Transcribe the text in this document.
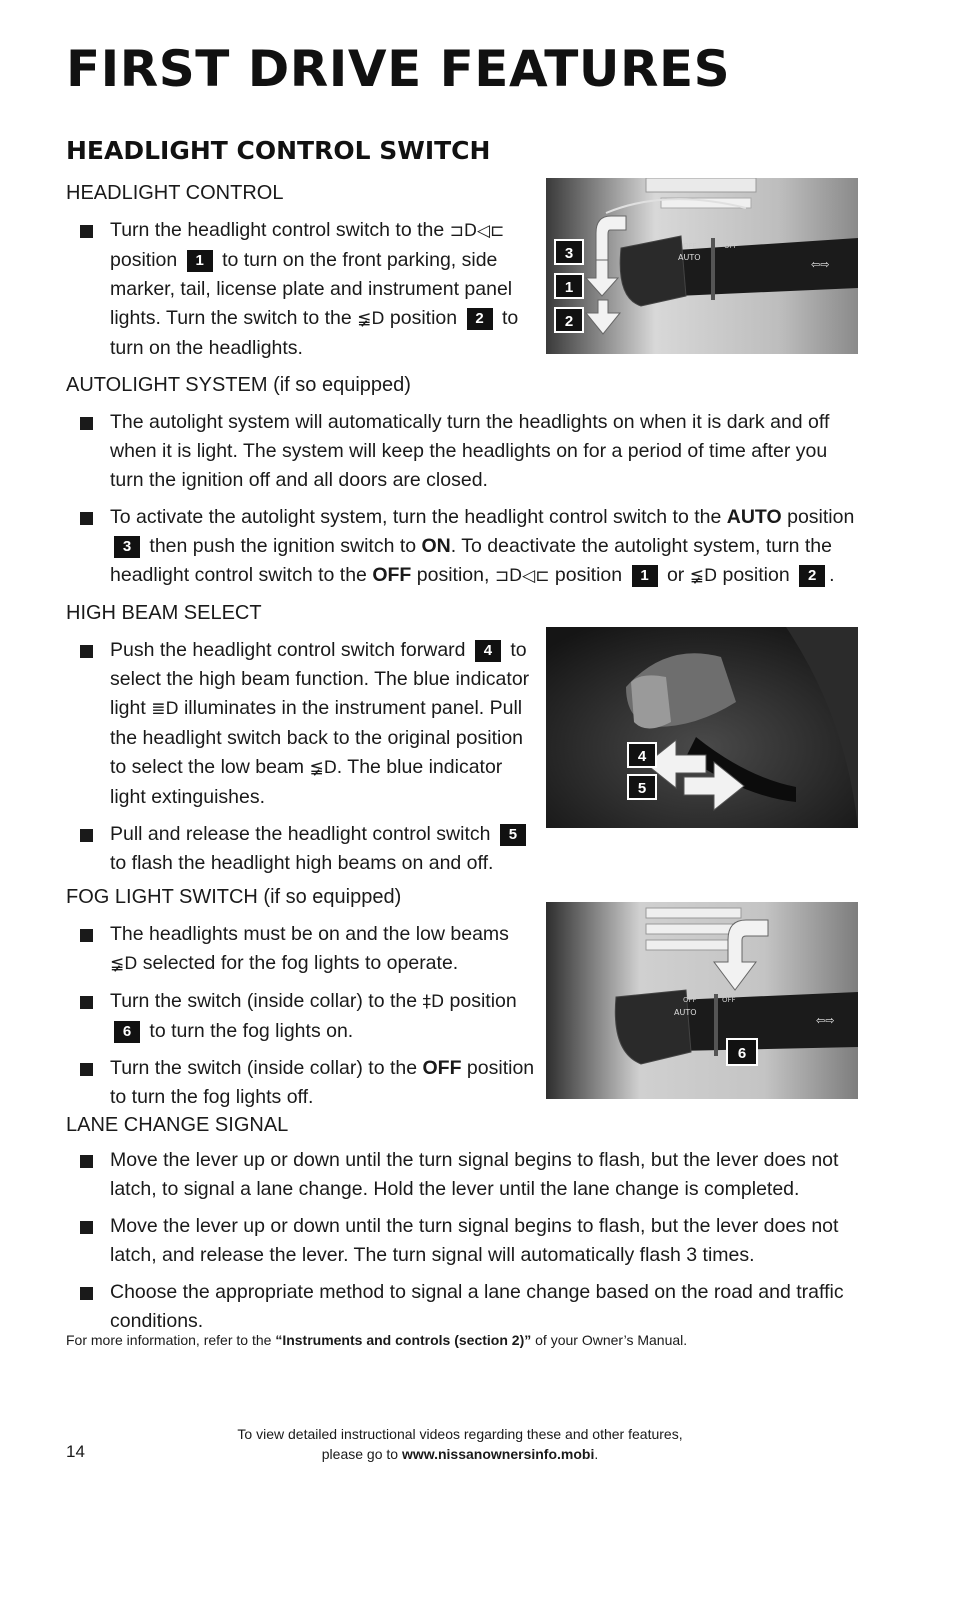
FIRST DRIVE FEATURES
HEADLIGHT CONTROL SWITCH
HEADLIGHT CONTROL
Turn the headlight control switch to the ⊐D◁⊏ position 1 to turn on the front parking, side marker, tail, license plate and instrument panel lights. Turn the switch to the ≨D position 2 to turn on the headlights.
OFF	OFF
AUTO
⇦⇨
3
1
2
AUTOLIGHT SYSTEM (if so equipped)
The autolight system will automatically turn the headlights on when it is dark and off when it is light. The system will keep the headlights on for a period of time after you turn the ignition off and all doors are closed.
To activate the autolight system, turn the headlight control switch to the AUTO position 3 then push the ignition switch to ON. To deactivate the autolight system, turn the headlight control switch to the OFF position, ⊐D◁⊏ position 1 or ≨D position 2 .
HIGH BEAM SELECT
Push the headlight control switch forward 4 to select the high beam function. The blue indicator light ≣D illuminates in the instrument panel. Pull the headlight switch back to the original position to select the low beam ≨D. The blue indicator light extinguishes.
Pull and release the headlight control switch 5 to flash the headlight high beams on and off.
4
5
FOG LIGHT SWITCH (if so equipped)
The headlights must be on and the low beams ≨D selected for the fog lights to operate.
Turn the switch (inside collar) to the ‡D position 6 to turn the fog lights on.
Turn the switch (inside collar) to the OFF position to turn the fog lights off.
OFF	OFF
AUTO
⇦⇨
6
LANE CHANGE SIGNAL
Move the lever up or down until the turn signal begins to flash, but the lever does not latch, to signal a lane change. Hold the lever until the lane change is completed.
Move the lever up or down until the turn signal begins to flash, but the lever does not latch, and release the lever. The turn signal will automatically flash 3 times.
Choose the appropriate method to signal a lane change based on the road and traffic conditions.

For more information, refer to the “Instruments and controls (section 2)” of your Owner’s Manual.

To view detailed instructional videos regarding these and other features,
please go to www.nissanownersinfo.mobi.
14
